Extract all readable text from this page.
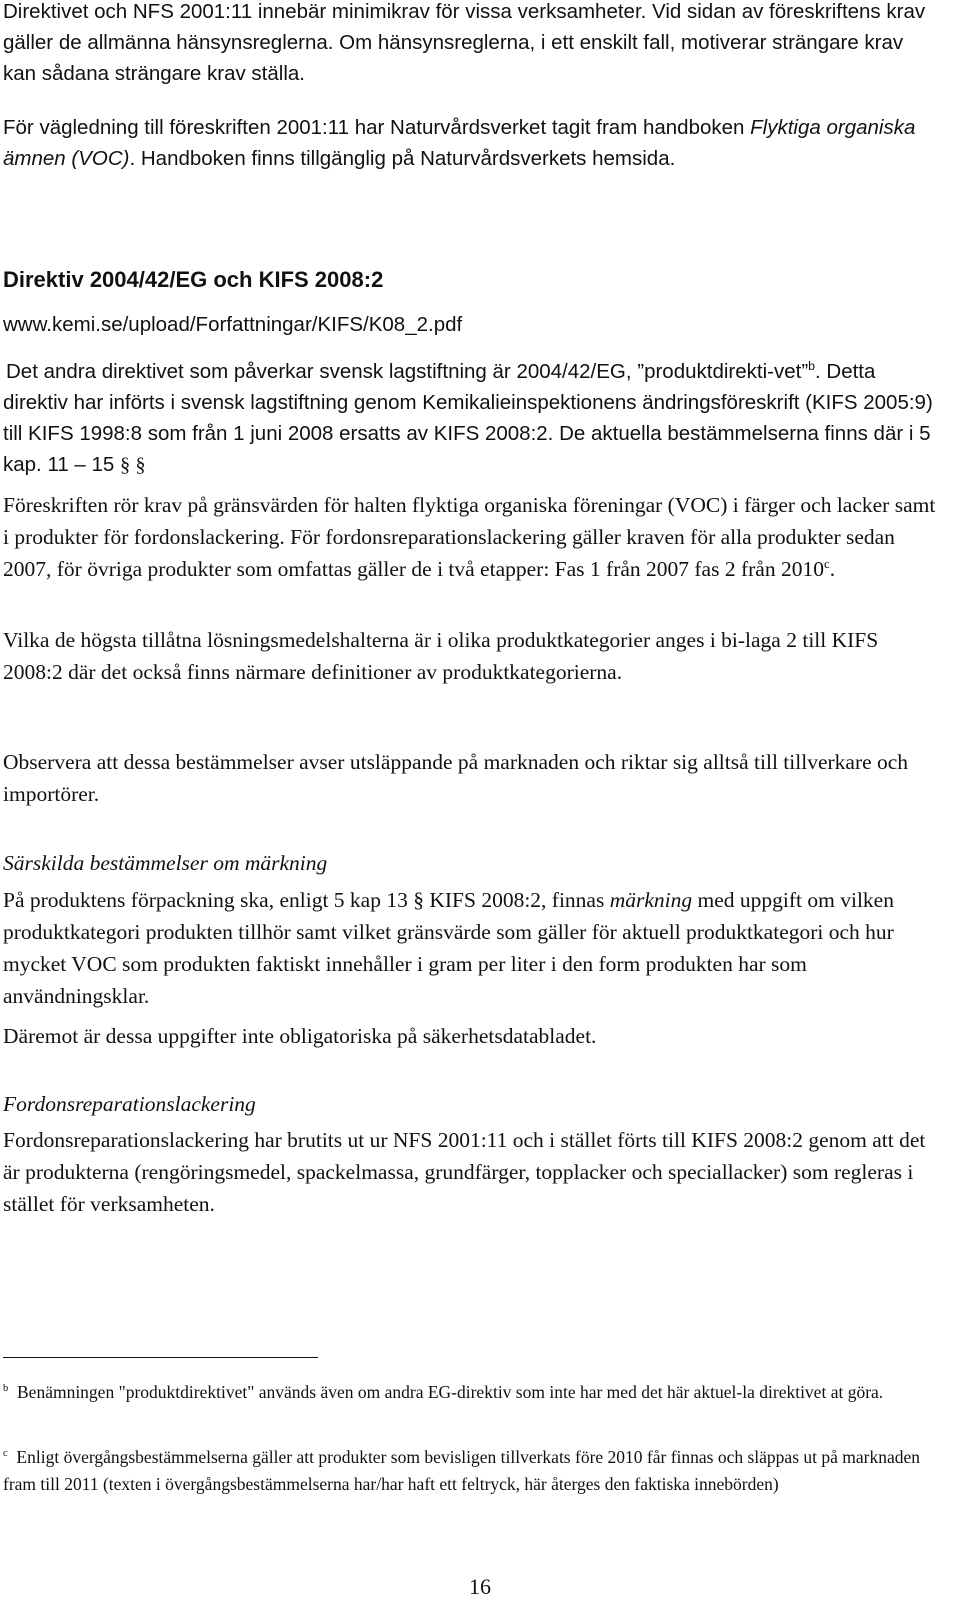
Direktivet och NFS 2001:11 innebär minimikrav för vissa verksamheter. Vid sidan av föreskriftens krav gäller de allmänna hänsynsreglerna. Om hänsynsreglerna, i ett enskilt fall, motiverar strängare krav kan sådana strängare krav ställa.
För vägledning till föreskriften 2001:11 har Naturvårdsverket tagit fram handboken Flyktiga organiska ämnen (VOC). Handboken finns tillgänglig på Naturvårdsverkets hemsida.
Direktiv 2004/42/EG och KIFS 2008:2
www.kemi.se/upload/Forfattningar/KIFS/K08_2.pdf
Det andra direktivet som påverkar svensk lagstiftning är 2004/42/EG, ”produktdirekti-vet”$^b$. Detta direktiv har införts i svensk lagstiftning genom Kemikalieinspektionens ändringsföreskrift (KIFS 2005:9) till KIFS 1998:8 som från 1 juni 2008 ersatts av KIFS 2008:2. De aktuella bestämmelserna finns där i 5 kap. 11 – 15 § §
Föreskriften rör krav på gränsvärden för halten flyktiga organiska föreningar (VOC) i färger och lacker samt i produkter för fordonslackering. För fordonsreparationslackering gäller kraven för alla produkter sedan 2007, för övriga produkter som omfattas gäller de i två etapper: Fas 1 från 2007 fas 2 från 2010$^c$.
Vilka de högsta tillåtna lösningsmedelshalterna är i olika produktkategorier anges i bi-laga 2 till KIFS 2008:2 där det också finns närmare definitioner av produktkategorierna.
Observera att dessa bestämmelser avser utsläppande på marknaden och riktar sig alltså till tillverkare och importörer.
Särskilda bestämmelser om märkning
På produktens förpackning ska, enligt 5 kap 13 § KIFS 2008:2, finnas märkning med uppgift om vilken produktkategori produkten tillhör samt vilket gränsvärde som gäller för aktuell produktkategori och hur mycket VOC som produkten faktiskt innehåller i gram per liter i den form produkten har som användningsklar.
Däremot är dessa uppgifter inte obligatoriska på säkerhetsdatabladet.
Fordonsreparationslackering
Fordonsreparationslackering har brutits ut ur NFS 2001:11 och i stället förts till KIFS 2008:2 genom att det är produkterna (rengöringsmedel, spackelmassa, grundfärger, topplacker och speciallacker) som regleras i stället för verksamheten.
$^b$ Benämningen "produktdirektivet" används även om andra EG-direktiv som inte har med det här aktuel-la direktivet at göra.
$^c$ Enligt övergångsbestämmelserna gäller att produkter som bevisligen tillverkats före 2010 får finnas och släppas ut på marknaden fram till 2011 (texten i övergångsbestämmelserna har/har haft ett feltryck, här återges den faktiska innebörden)
16
